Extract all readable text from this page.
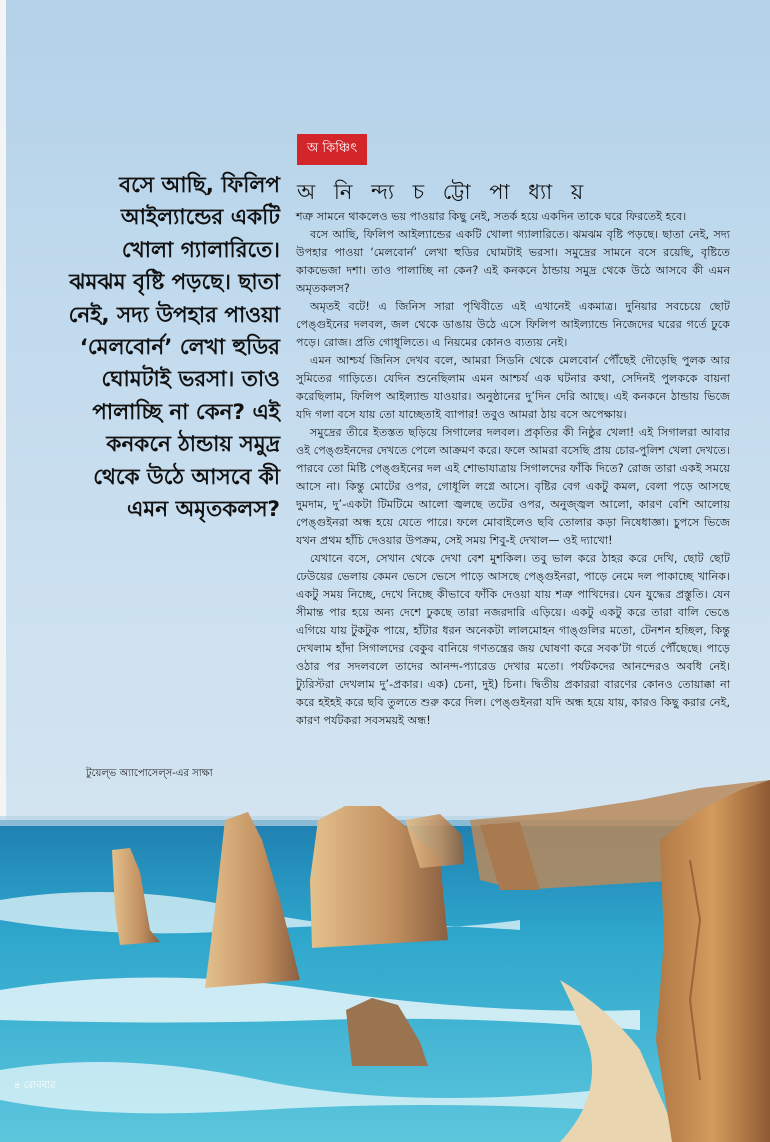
অ কিঞ্চিৎ
অ নি ন্দ্য চ ট্টো পা ধ্যা য়
বসে আছি, ফিলিপ আইল্যান্ডের একটি খোলা গ্যালারিতে। ঝমঝম বৃষ্টি পড়ছে। ছাতা নেই, সদ্য উপহার পাওয়া ‘মেলবোর্ন’ লেখা হুডির ঘোমটাই ভরসা। তাও পালাচ্ছি না কেন? এই কনকনে ঠান্ডায় সমুদ্র থেকে উঠে আসবে কী এমন অমৃতকলস?

শত্রু সামনে থাকলেও ভয় পাওয়ার কিছু নেই, সতর্ক হয়ে একদিন তাকে ঘরে ফিরতেই হবে।

বসে আছি, ফিলিপ আইল্যান্ডের একটি খোলা গ্যালারিতে। ঝমঝম বৃষ্টি পড়ছে। ছাতা নেই, সদ্য উপহার পাওয়া ‘মেলবোর্ন’ লেখা হুডির ঘোমটাই ভরসা। সমুদ্রের সামনে বসে রয়েছি, বৃষ্টিতে কাকভেজা দশা। তাও পালাচ্ছি না কেন? এই কনকনে ঠান্ডায় সমুদ্র থেকে উঠে আসবে কী এমন অমৃতকলস?

অমৃতই বটে! এ জিনিস সারা পৃথিবীতে এই এখানেই একমাত্র। দুনিয়ার সবচেয়ে ছোট পেঙ্গুইনের দলবল, জল থেকে ডাঙায় উঠে এসে ফিলিপ আইল্যান্ডে নিজেদের ঘরের গর্তে ঢুকে পড়ে। রোজ। প্রতি গোধূলিতে। এ নিয়মের কোনও ব্যত্যয় নেই।

এমন আশ্চর্য জিনিস দেখব বলে, আমরা সিডনি থেকে মেলবোর্ন পৌঁছেই দৌড়েছি পুলক আর সুমিতের গাড়িতে। যেদিন শুনেছিলাম এমন আশ্চর্য এক ঘটনার কথা, সেদিনই পুলককে বায়না করেছিলাম, ফিলিপ আইল্যান্ড যাওয়ার। অনুষ্ঠানের দু’দিন দেরি আছে। এই কনকনে ঠান্ডায় ভিজে যদি গলা বসে যায় তো যাচ্ছেতাই ব্যাপার! তবুও আমরা ঠায় বসে অপেক্ষায়।

সমুদ্রের তীরে ইতস্তত ছড়িয়ে সিগালের দলবল। প্রকৃতির কী নিষ্ঠুর খেলা! এই সিগালরা আবার ওই পেঙ্গুইনদের দেখতে পেলে আক্রমণ করে। ফলে আমরা বসেছি প্রায় চোর-পুলিশ খেলা দেখতে। পারবে তো মিষ্টি পেঙ্গুইনের দল এই শোভাযাত্রায় সিগালদের ফাঁকি দিতে? রোজ তারা একই সময়ে আসে না। কিন্তু মোটের ওপর, গোধূলি লগ্নে আসে। বৃষ্টির বেগ একটু কমল, বেলা পড়ে আসছে দুমদাম, দু’-একটা টিমটিমে আলো জ্বলছে তটের ওপর, অনুজ্জ্বল আলো, কারণ বেশি আলোয় পেঙ্গুইনরা অন্ধ হয়ে যেতে পারে। ফলে মোবাইলেও ছবি তোলার কড়া নিষেধাজ্ঞা। চুপসে ভিজে যখন প্রথম হাঁচি দেওয়ার উপক্রম, সেই সময় শিবু-ই দেখাল— ওই দ্যাখো!

যেখানে বসে, সেখান থেকে দেখা বেশ মুশকিল। তবু ভাল করে ঠাহর করে দেখি, ছোট ছোট ঢেউয়ের ভেলায় কেমন ভেসে ভেসে পাড়ে আসছে পেঙ্গুইনরা, পাড়ে নেমে দল পাকাচ্ছে খানিক। একটু সময় নিচ্ছে, দেখে নিচ্ছে কীভাবে ফাঁকি দেওয়া যায় শত্রু পাখিদের। যেন যুদ্ধের প্রস্তুতি। যেন সীমান্ত পার হয়ে অন্য দেশে ঢুকছে তারা নজরদারি এড়িয়ে। একটু একটু করে তারা বালি ভেঙে এগিয়ে যায় টুকটুক পায়ে, হাঁটার ধরন অনেকটা লালমোহন গাঙ্গুলির মতো, টেনশন হচ্ছিল, কিন্তু দেখলাম হাঁদা সিগালদের বেকুব বানিয়ে গণতন্ত্রের জয় ঘোষণা করে সবক’টা গর্তে পৌঁছেছে। পাড়ে ওঠার পর সদলবলে তাদের আনন্দ-প্যারেড দেখার মতো। পর্যটকদের আনন্দেরও অবধি নেই। ট্যুরিস্টরা দেখলাম দু’-প্রকার। এক) চেনা, দুই) চিনা। দ্বিতীয় প্রকাররা বারণের কোনও তোয়াক্কা না করে হইহই করে ছবি তুলতে শুরু করে দিল। পেঙ্গুইনরা যদি অন্ধ হয়ে যায়, কারও কিছু করার নেই, কারণ পর্যটকরা সবসময়ই অন্ধ!

টুয়েল্‌ভ অ্যাপোসেল্‌স-এর সাক্ষা
৪ রোববার
